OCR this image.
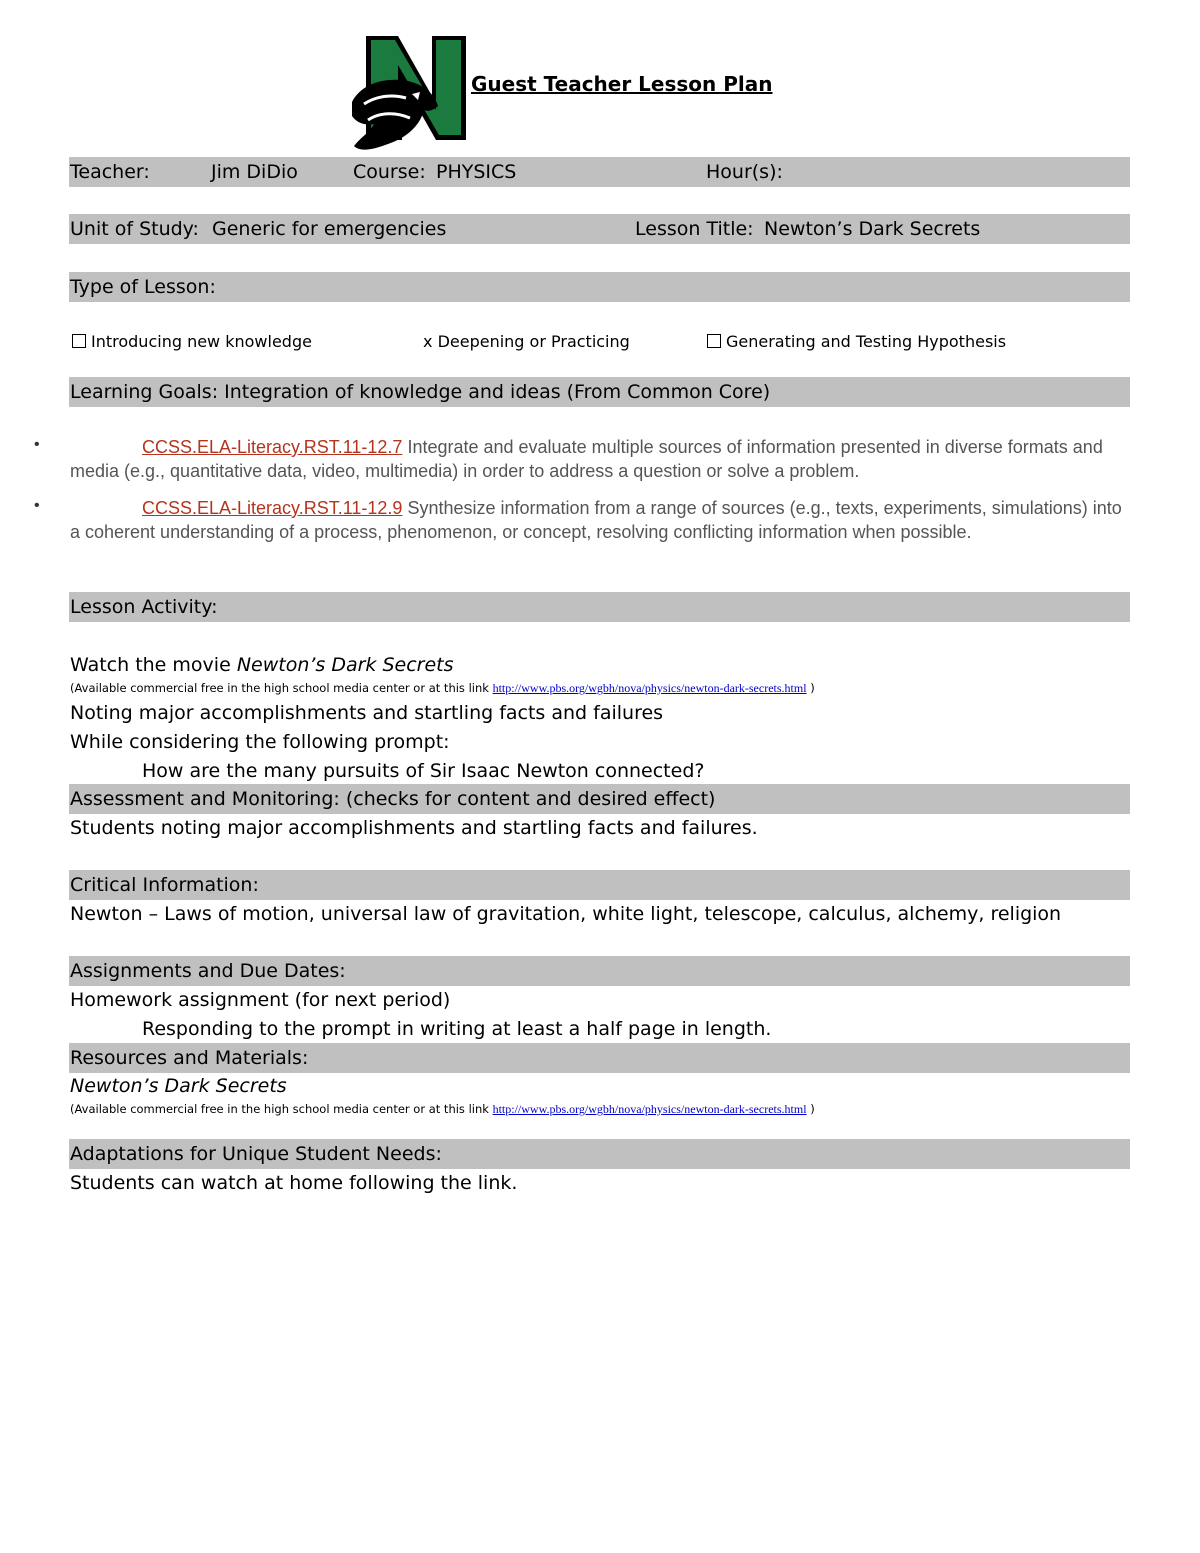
Guest Teacher Lesson Plan
Teacher:	Jim DiDio	Course: PHYSICS	Hour(s):
Unit of Study: Generic for emergencies	Lesson Title: Newton’s Dark Secrets
Type of Lesson:
Introducing new knowledge	x Deepening or Practicing	Generating and Testing Hypothesis
Learning Goals: Integration of knowledge and ideas (From Common Core)
•	CCSS.ELA-Literacy.RST.11-12.7 Integrate and evaluate multiple sources of information presented in diverse formats and media (e.g., quantitative data, video, multimedia) in order to address a question or solve a problem.
•	CCSS.ELA-Literacy.RST.11-12.9 Synthesize information from a range of sources (e.g., texts, experiments, simulations) into a coherent understanding of a process, phenomenon, or concept, resolving conflicting information when possible.
Lesson Activity:
Watch the movie Newton’s Dark Secrets
(Available commercial free in the high school media center or at this link http://www.pbs.org/wgbh/nova/physics/newton-dark-secrets.html )
Noting major accomplishments and startling facts and failures
While considering the following prompt:
How are the many pursuits of Sir Isaac Newton connected?
Assessment and Monitoring: (checks for content and desired effect)
Students noting major accomplishments and startling facts and failures.
Critical Information:
Newton – Laws of motion, universal law of gravitation, white light, telescope, calculus, alchemy, religion
Assignments and Due Dates:
Homework assignment (for next period)
Responding to the prompt in writing at least a half page in length.
Resources and Materials:
Newton’s Dark Secrets
(Available commercial free in the high school media center or at this link http://www.pbs.org/wgbh/nova/physics/newton-dark-secrets.html )
Adaptations for Unique Student Needs:
Students can watch at home following the link.
